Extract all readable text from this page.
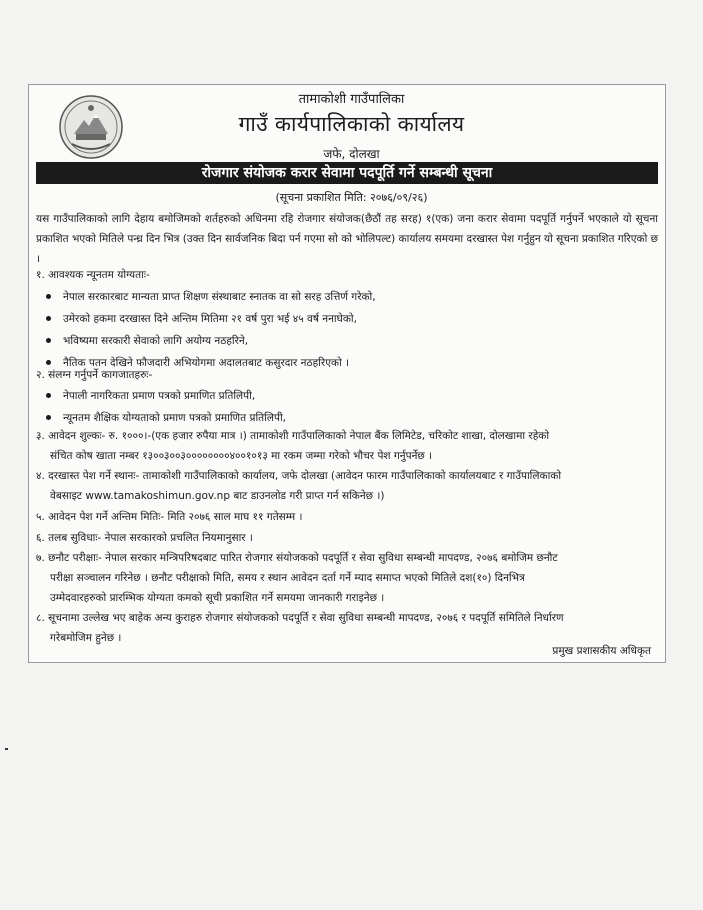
तामाकोशी गाउँपालिका
गाउँ कार्यपालिकाको कार्यालय
जफे, दोलखा
रोजगार संयोजक करार सेवामा पदपूर्ति गर्ने सम्बन्धी सूचना
(सूचना प्रकाशित मिति: २०७६/०९/२६)
यस गाउँपालिकाको लागि देहाय बमोजिमको शर्तहरुको अधिनमा रहि रोजगार संयोजक(छैठौं तह सरह) १(एक) जना करार सेवामा पदपूर्ति गर्नुपर्ने भएकाले यो सूचना प्रकाशित भएको मितिले पन्ध्र दिन भित्र (उक्त दिन सार्वजनिक बिदा पर्न गएमा सो को भोलिपल्ट) कार्यालय समयमा दरखास्त पेश गर्नुहुन यो सूचना प्रकाशित गरिएको छ ।
१. आवश्यक न्यूनतम योग्यताः-
नेपाल सरकारबाट मान्यता प्राप्त शिक्षण संस्थाबाट स्नातक वा सो सरह उत्तिर्ण गरेको,
उमेरको हकमा दरखास्त दिने अन्तिम मितिमा २१ वर्ष पुरा भई ४५ वर्ष ननाघेको,
भविष्यमा सरकारी सेवाको लागि अयोग्य नठहरिने,
नैतिक पतन देखिने फौजदारी अभियोगमा अदालतबाट कसुरदार नठहरिएको ।
२. संलग्न गर्नुपर्ने कागजातहरुः-
नेपाली नागरिकता प्रमाण पत्रको प्रमाणित प्रतिलिपी,
न्यूनतम शैक्षिक योग्यताको प्रमाण पत्रको प्रमाणित प्रतिलिपी,
३. आवेदन शुल्कः- रु. १०००।-(एक हजार रुपैया मात्र ।) तामाकोशी गाउँपालिकाको नेपाल बैंक लिमिटेड, चरिकोट शाखा, दोलखामा रहेको
संचित कोष खाता नम्बर १३००३००३००००००००४००१०१३ मा रकम जम्मा गरेको भौचर पेश गर्नुपर्नेछ ।
४. दरखास्त पेश गर्ने स्थानः- तामाकोशी गाउँपालिकाको कार्यालय, जफे दोलखा (आवेदन फारम गाउँपालिकाको कार्यालयबाट र गाउँपालिकाको
वेबसाइट www.tamakoshimun.gov.np बाट डाउनलोड गरी प्राप्त गर्न सकिनेछ ।)
५. आवेदन पेश गर्ने अन्तिम मितिः- मिति २०७६ साल माघ ११ गतेसम्म ।
६. तलब सुविधाः- नेपाल सरकारको प्रचलित नियमानुसार ।
७. छनौट परीक्षाः- नेपाल सरकार मन्त्रिपरिषदबाट पारित रोजगार संयोजकको पदपूर्ति र सेवा सुविधा सम्बन्धी मापदण्ड, २०७६ बमोजिम छनौट
परीक्षा सञ्चालन गरिनेछ । छनौट परीक्षाको मिति, समय र स्थान आवेदन दर्ता गर्ने म्याद समाप्त भएको मितिले दश(१०) दिनभित्र
उम्मेदवारहरुको प्रारम्भिक योग्यता कमको सूची प्रकाशित गर्ने समयमा जानकारी गराइनेछ ।
८. सूचनामा उल्लेख भए बाहेक अन्य कुराहरु रोजगार संयोजकको पदपूर्ति र सेवा सुविधा सम्बन्धी मापदण्ड, २०७६ र पदपूर्ति समितिले निर्धारण
गरेबमोजिम हुनेछ ।
प्रमुख प्रशासकीय अधिकृत
